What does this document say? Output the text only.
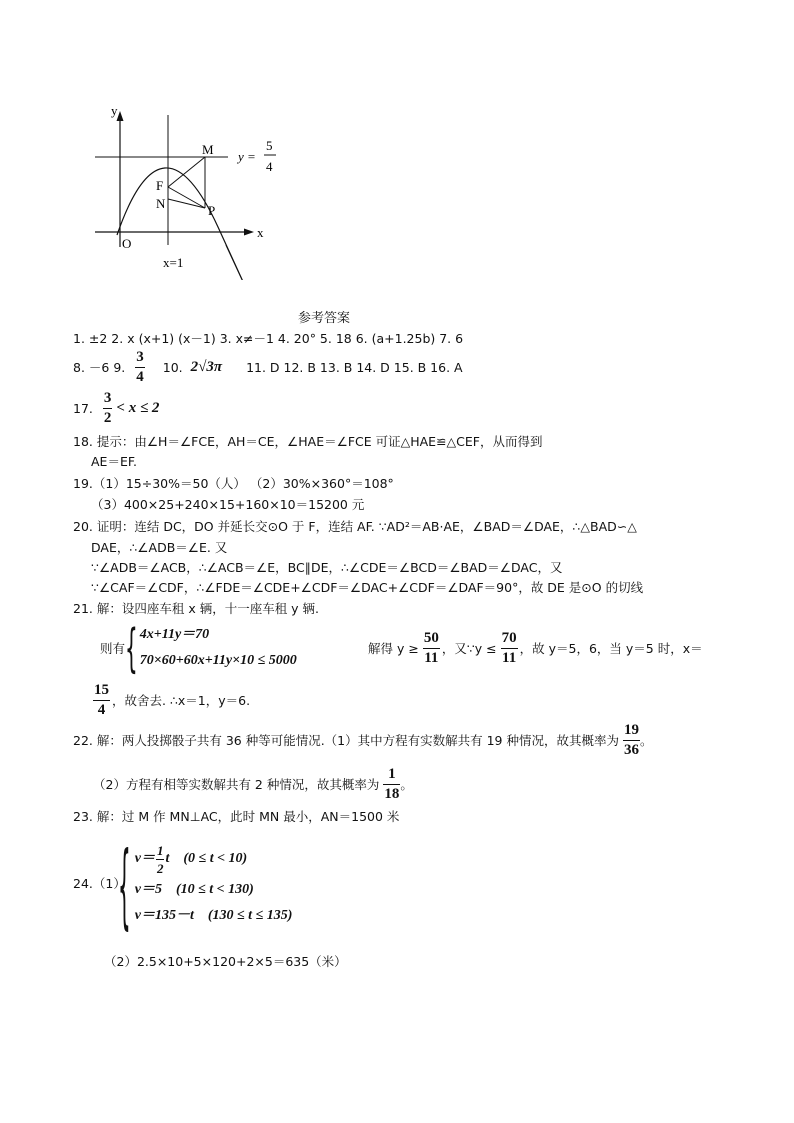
y
x
O
M
F
N	P
y =
5
4
x=1
参考答案
1. ±2 2. x (x+1) (x－1) 3. x≠－1 4. 20° 5. 18 6. (a+1.25b) 7. 6
8. －6 9. $\frac{3}{4} 10$. 2√3π 11. D 12. B 13. B 14. D 15. B 16. A
17. $\frac{3}{2} < x \le 2$
18. 提示：由∠H＝∠FCE，AH＝CE，∠HAE＝∠FCE 可证△HAE≌△CEF，从而得到
AE＝EF.
19.（1）15÷30%＝50（人） （2）30%×360°＝108°
（3）400×25+240×15+160×10＝15200 元
20. 证明：连结 DC，DO 并延长交⊙O 于 F，连结 AF. ∵AD²＝AB·AE，∠BAD＝∠DAE，∴△BAD∽△
DAE，∴∠ADB＝∠E. 又
∵∠ADB＝∠ACB，∴∠ACB＝∠E，BC∥DE，∴∠CDE＝∠BCD＝∠BAD＝∠DAC，又
∵∠CAF＝∠CDF，∴∠FDE＝∠CDE+∠CDF＝∠DAC+∠CDF＝∠DAF＝90°，故 DE 是⊙O 的切线
21. 解：设四座车租 x 辆，十一座车租 y 辆.
则有 { 4x+11y＝70
70×60+60x+11y×10 ≤ 5000
解得 $y \ge \frac{50}{11}$ ，又∵y ≤ $\frac{70}{11}$ ，故 y＝5，6，当 y＝5 时，x＝
$\frac{15}{4}$ ，故舍去. ∴x＝1，y＝6.
22. 解：两人投掷骰子共有 36 种等可能情况.（1）其中方程有实数解共有 19 种情况，故其概率为 $\frac{19}{36}$ 。
（2）方程有相等实数解共有 2 种情况，故其概率为 $\frac{1}{18}$ 。
23. 解：过 M 作 MN⊥AC，此时 MN 最小，AN＝1500 米
24.（1）
{ $v= \frac{1}{2}$ t    (0 ≤ t < 10)
v＝5    (10 ≤ t < 130)
v＝135－t    (130 ≤ t ≤ 135)
（2）2.5×10+5×120+2×5＝635（米）
